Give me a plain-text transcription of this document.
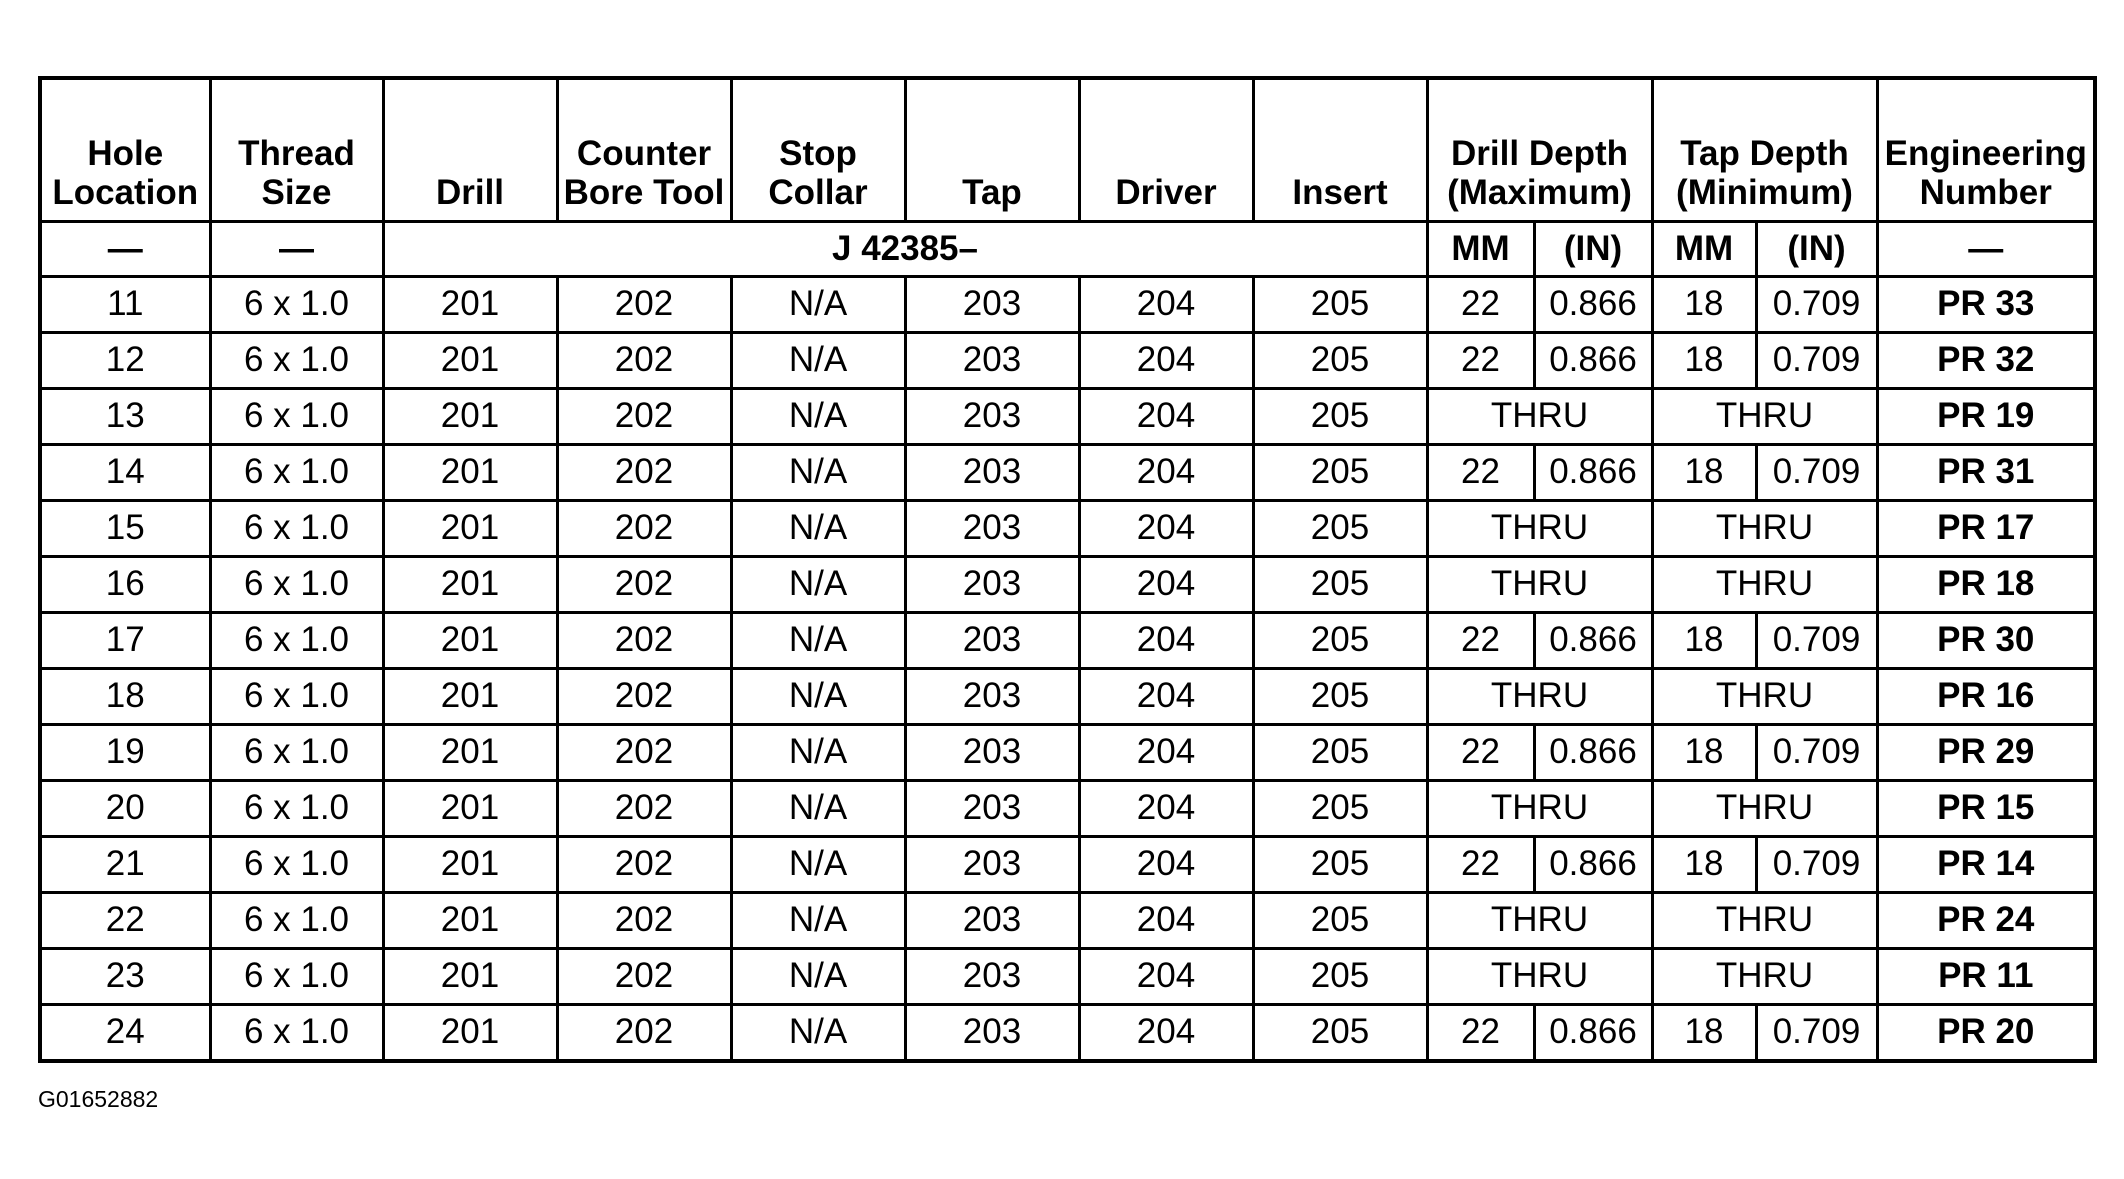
Hole Location	Thread Size	Drill	Counter Bore Tool	Stop Collar	Tap	Driver	Insert	Drill Depth (Maximum)		Tap Depth (Minimum)		Engineering Number
—	—	J 42385–						MM	(IN)	MM	(IN)	—
11	6 x 1.0	201	202	N/A	203	204	205	22	0.866	18	0.709	PR 33
12	6 x 1.0	201	202	N/A	203	204	205	22	0.866	18	0.709	PR 32
13	6 x 1.0	201	202	N/A	203	204	205	THRU		THRU		PR 19
14	6 x 1.0	201	202	N/A	203	204	205	22	0.866	18	0.709	PR 31
15	6 x 1.0	201	202	N/A	203	204	205	THRU		THRU		PR 17
16	6 x 1.0	201	202	N/A	203	204	205	THRU		THRU		PR 18
17	6 x 1.0	201	202	N/A	203	204	205	22	0.866	18	0.709	PR 30
18	6 x 1.0	201	202	N/A	203	204	205	THRU		THRU		PR 16
19	6 x 1.0	201	202	N/A	203	204	205	22	0.866	18	0.709	PR 29
20	6 x 1.0	201	202	N/A	203	204	205	THRU		THRU		PR 15
21	6 x 1.0	201	202	N/A	203	204	205	22	0.866	18	0.709	PR 14
22	6 x 1.0	201	202	N/A	203	204	205	THRU		THRU		PR 24
23	6 x 1.0	201	202	N/A	203	204	205	THRU		THRU		PR 11
24	6 x 1.0	201	202	N/A	203	204	205	22	0.866	18	0.709	PR 20
G01652882
